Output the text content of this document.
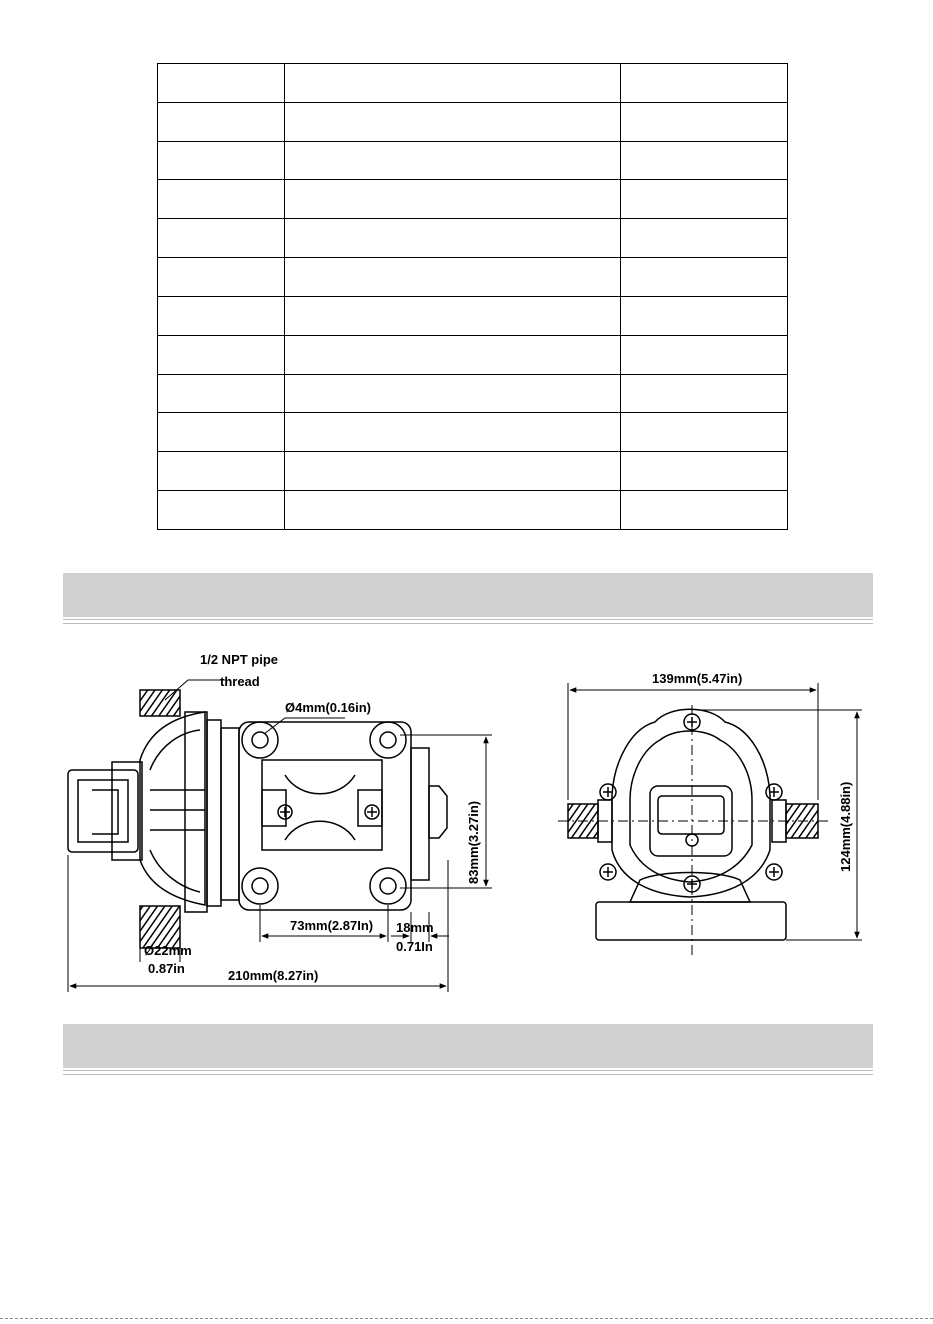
1/2 NPT pipe
thread
Ø4mm(0.16in)
83mm(3.27in)
73mm(2.87In) 18mm
0.71In
Ø22mm
0.87in	210mm(8.27in)
139mm(5.47in)
124mm(4.88in)
